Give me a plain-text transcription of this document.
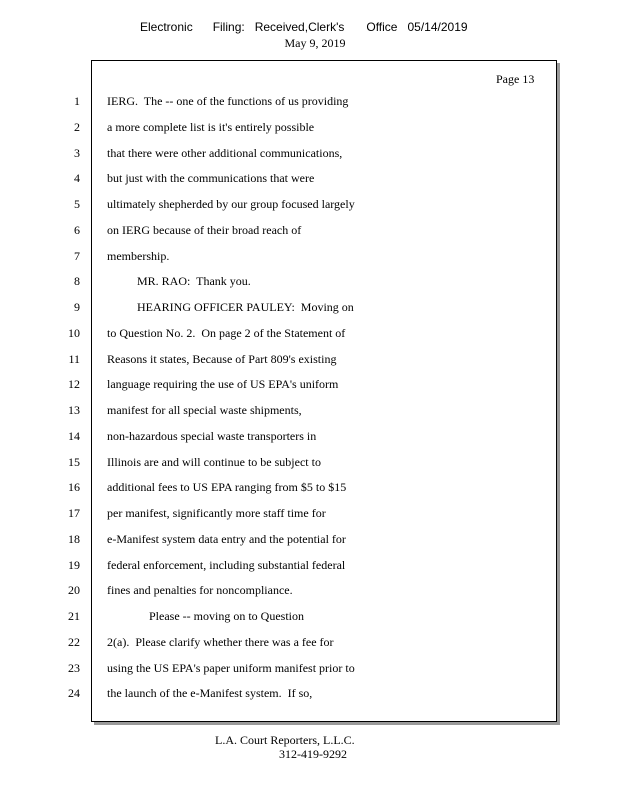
Electronic Filing: Received,Clerk's Office 05/14/2019
May 9, 2019
Page 13
1 IERG.  The -- one of the functions of us providing
2 a more complete list is it's entirely possible
3 that there were other additional communications,
4 but just with the communications that were
5 ultimately shepherded by our group focused largely
6 on IERG because of their broad reach of
7 membership.
8 MR. RAO:  Thank you.
9 HEARING OFFICER PAULEY:  Moving on
10 to Question No. 2.  On page 2 of the Statement of
11 Reasons it states, Because of Part 809's existing
12 language requiring the use of US EPA's uniform
13 manifest for all special waste shipments,
14 non-hazardous special waste transporters in
15 Illinois are and will continue to be subject to
16 additional fees to US EPA ranging from $5 to $15
17 per manifest, significantly more staff time for
18 e-Manifest system data entry and the potential for
19 federal enforcement, including substantial federal
20 fines and penalties for noncompliance.
21 Please -- moving on to Question
22 2(a).  Please clarify whether there was a fee for
23 using the US EPA's paper uniform manifest prior to
24 the launch of the e-Manifest system.  If so,
L.A. Court Reporters, L.L.C.
312-419-9292
